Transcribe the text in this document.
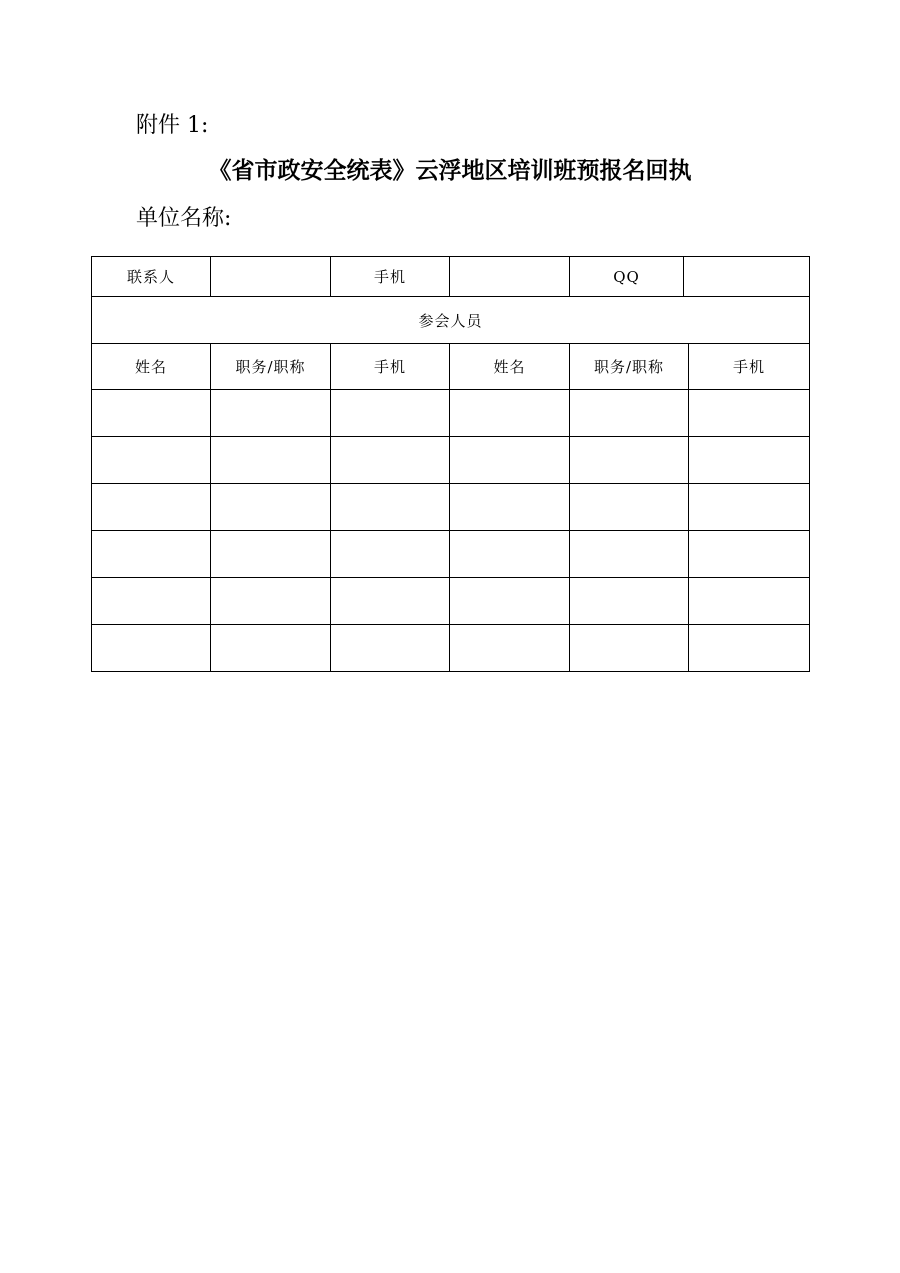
附件 1:
《省市政安全统表》云浮地区培训班预报名回执
单位名称:
联系人		手机		QQ	

参会人员					
姓名	职务/职称	手机	姓名	职务/职称	手机
